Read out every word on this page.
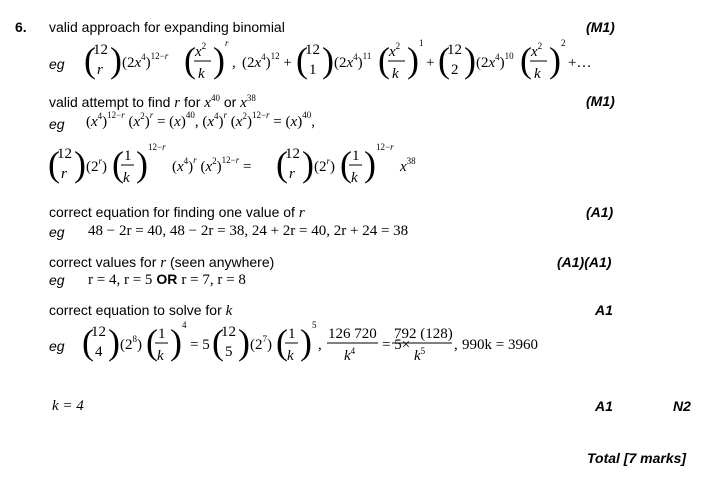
6. valid approach for expanding binomial	(M1)
eg (
12
r ) $(2x^4)^{12-}r$ ( $x^2$
k ) r
, $(2x^4)^{12}$ + (
12
1 ) $(2x^4)^{11}$ ( $x^2$
k ) 1
+ (
12
2 ) $(2x^4)^{10}$ ( $x^2$
k ) 2
+…
valid attempt to find r for $x^{40}$ or $x^{38}$	(M1)
eg $(x^4)^{12-}r$ $(x^2)^r = (x)^{40}$, $(x^4)^r$ $(x^2)^{12-}r = (x)^{40}$,
(
12
r ) (2$^r$) ( 1
k ) 12−r
$(x^4)^r$ $(x^2)^{12-}r$ = (
12
r ) (2$^r$) ( 1
k ) 12−r
$x^{38}$
correct equation for finding one value of r	(A1)
eg 48 − 2r = 40, 48 − 2r = 38, 24 + 2r = 40, 2r + 24 = 38
correct values for r (seen anywhere)	(A1)(A1)
eg r = 4, r = 5 OR r = 7, r = 8
correct equation to solve for k	A1
eg (
12
4 ) $(2^8)$ ( 1
k ) 4
= 5 (
12
5 ) $(2^7)$ ( 1
k ) 5
,
126 720
$k^4 = 5\times$
792 (128)
$k^5$ , 990k = 3960
k = 4	A1	N2
Total [7 marks]
